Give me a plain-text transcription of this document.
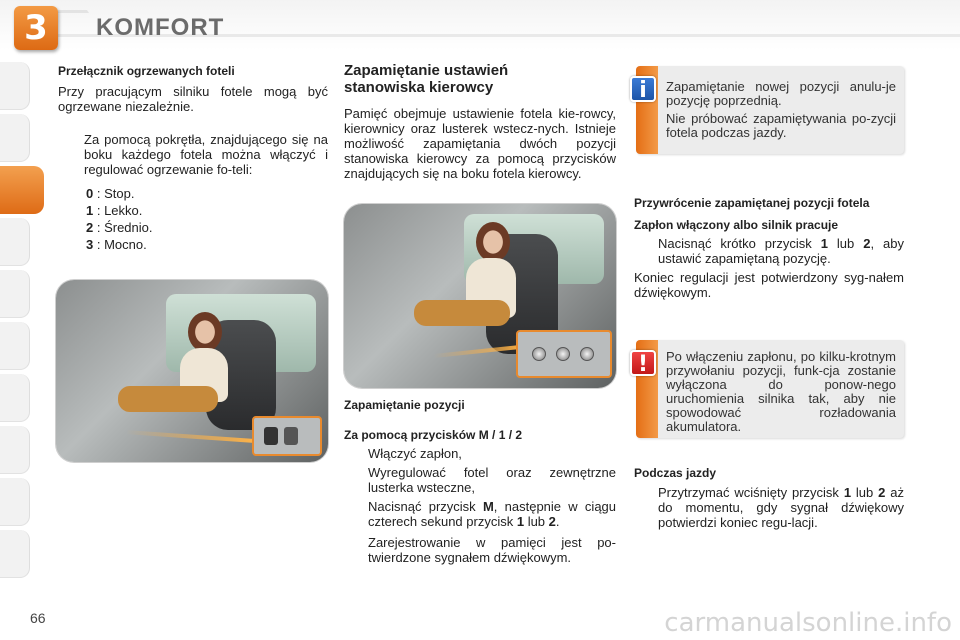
3	KOMFORT
Przełącznik ogrzewanych foteli
Przy pracującym silniku fotele mogą być ogrzewane niezależnie.
Za pomocą pokrętła, znajdującego się na boku każdego fotela można włączyć i regulować ogrzewanie fo-teli:
0 : Stop.
1 : Lekko.
2 : Średnio.
3 : Mocno.
Zapamiętanie ustawień
stanowiska kierowcy
Pamięć obejmuje ustawienie fotela kie-rowcy, kierownicy oraz lusterek wstecz-nych. Istnieje możliwość zapamiętania dwóch pozycji stanowiska kierowcy za pomocą przycisków znajdujących się na boku fotela kierowcy.
Zapamiętanie pozycji
Za pomocą przycisków M / 1 / 2
Włączyć zapłon,
Wyregulować fotel oraz zewnętrzne lusterka wsteczne,
Nacisnąć przycisk M, następnie w ciągu czterech sekund przycisk 1 lub 2.
Zarejestrowanie w pamięci jest po-twierdzone sygnałem dźwiękowym.
i	Zapamiętanie nowej pozycji anulu-je pozycję poprzednią.
Nie próbować zapamiętywania po-zycji fotela podczas jazdy.
Przywrócenie zapamiętanej pozycji fotela
Zapłon włączony albo silnik pracuje
Nacisnąć krótko przycisk 1 lub 2, aby ustawić zapamiętaną pozycję.
Koniec regulacji jest potwierdzony syg-nałem dźwiękowym.
!	Po włączeniu zapłonu, po kilku-krotnym przywołaniu pozycji, funk-cja zostanie wyłączona do ponow-nego uruchomienia silnika tak, aby nie spowodować rozładowania akumulatora.
Podczas jazdy
Przytrzymać wciśnięty przycisk 1 lub 2 aż do momentu, gdy sygnał dźwiękowy potwierdzi koniec regu-lacji.
66	carmanualsonline.info
